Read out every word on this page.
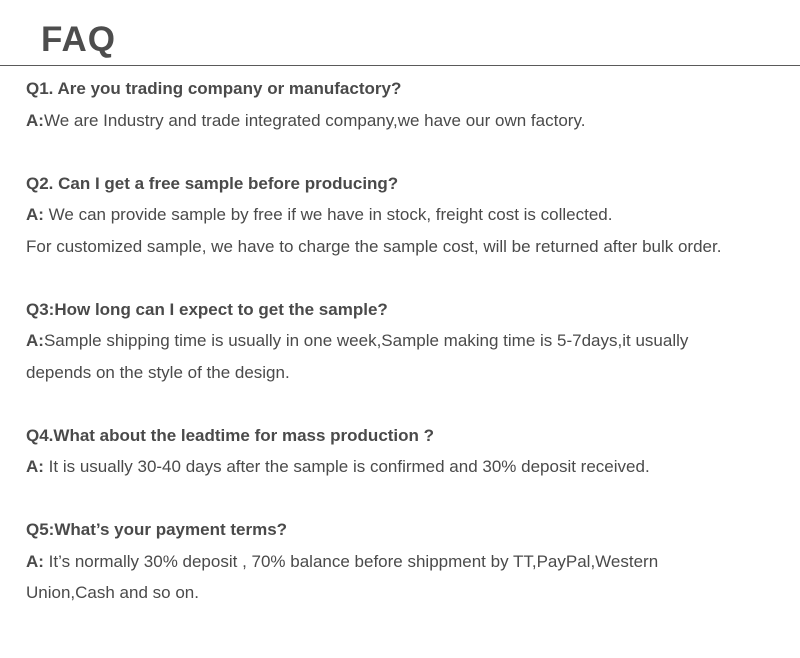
FAQ
Q1. Are you trading company or manufactory?
A:We are Industry and trade integrated company,we have our own factory.
Q2. Can I get a free sample before producing?
A: We can provide sample by free if we have in stock, freight cost is collected.
For customized sample, we have to charge the sample cost, will be returned after bulk order.
Q3:How long can I expect to get the sample?
A:Sample shipping time is usually in one week,Sample making time is 5-7days,it usually depends on the style of the design.
Q4.What about the leadtime for mass production ?
A: It is usually 30-40 days after the sample is confirmed and 30% deposit received.
Q5:What’s your payment terms?
A: It’s normally 30% deposit , 70% balance before shippment by TT,PayPal,Western Union,Cash and so on.
